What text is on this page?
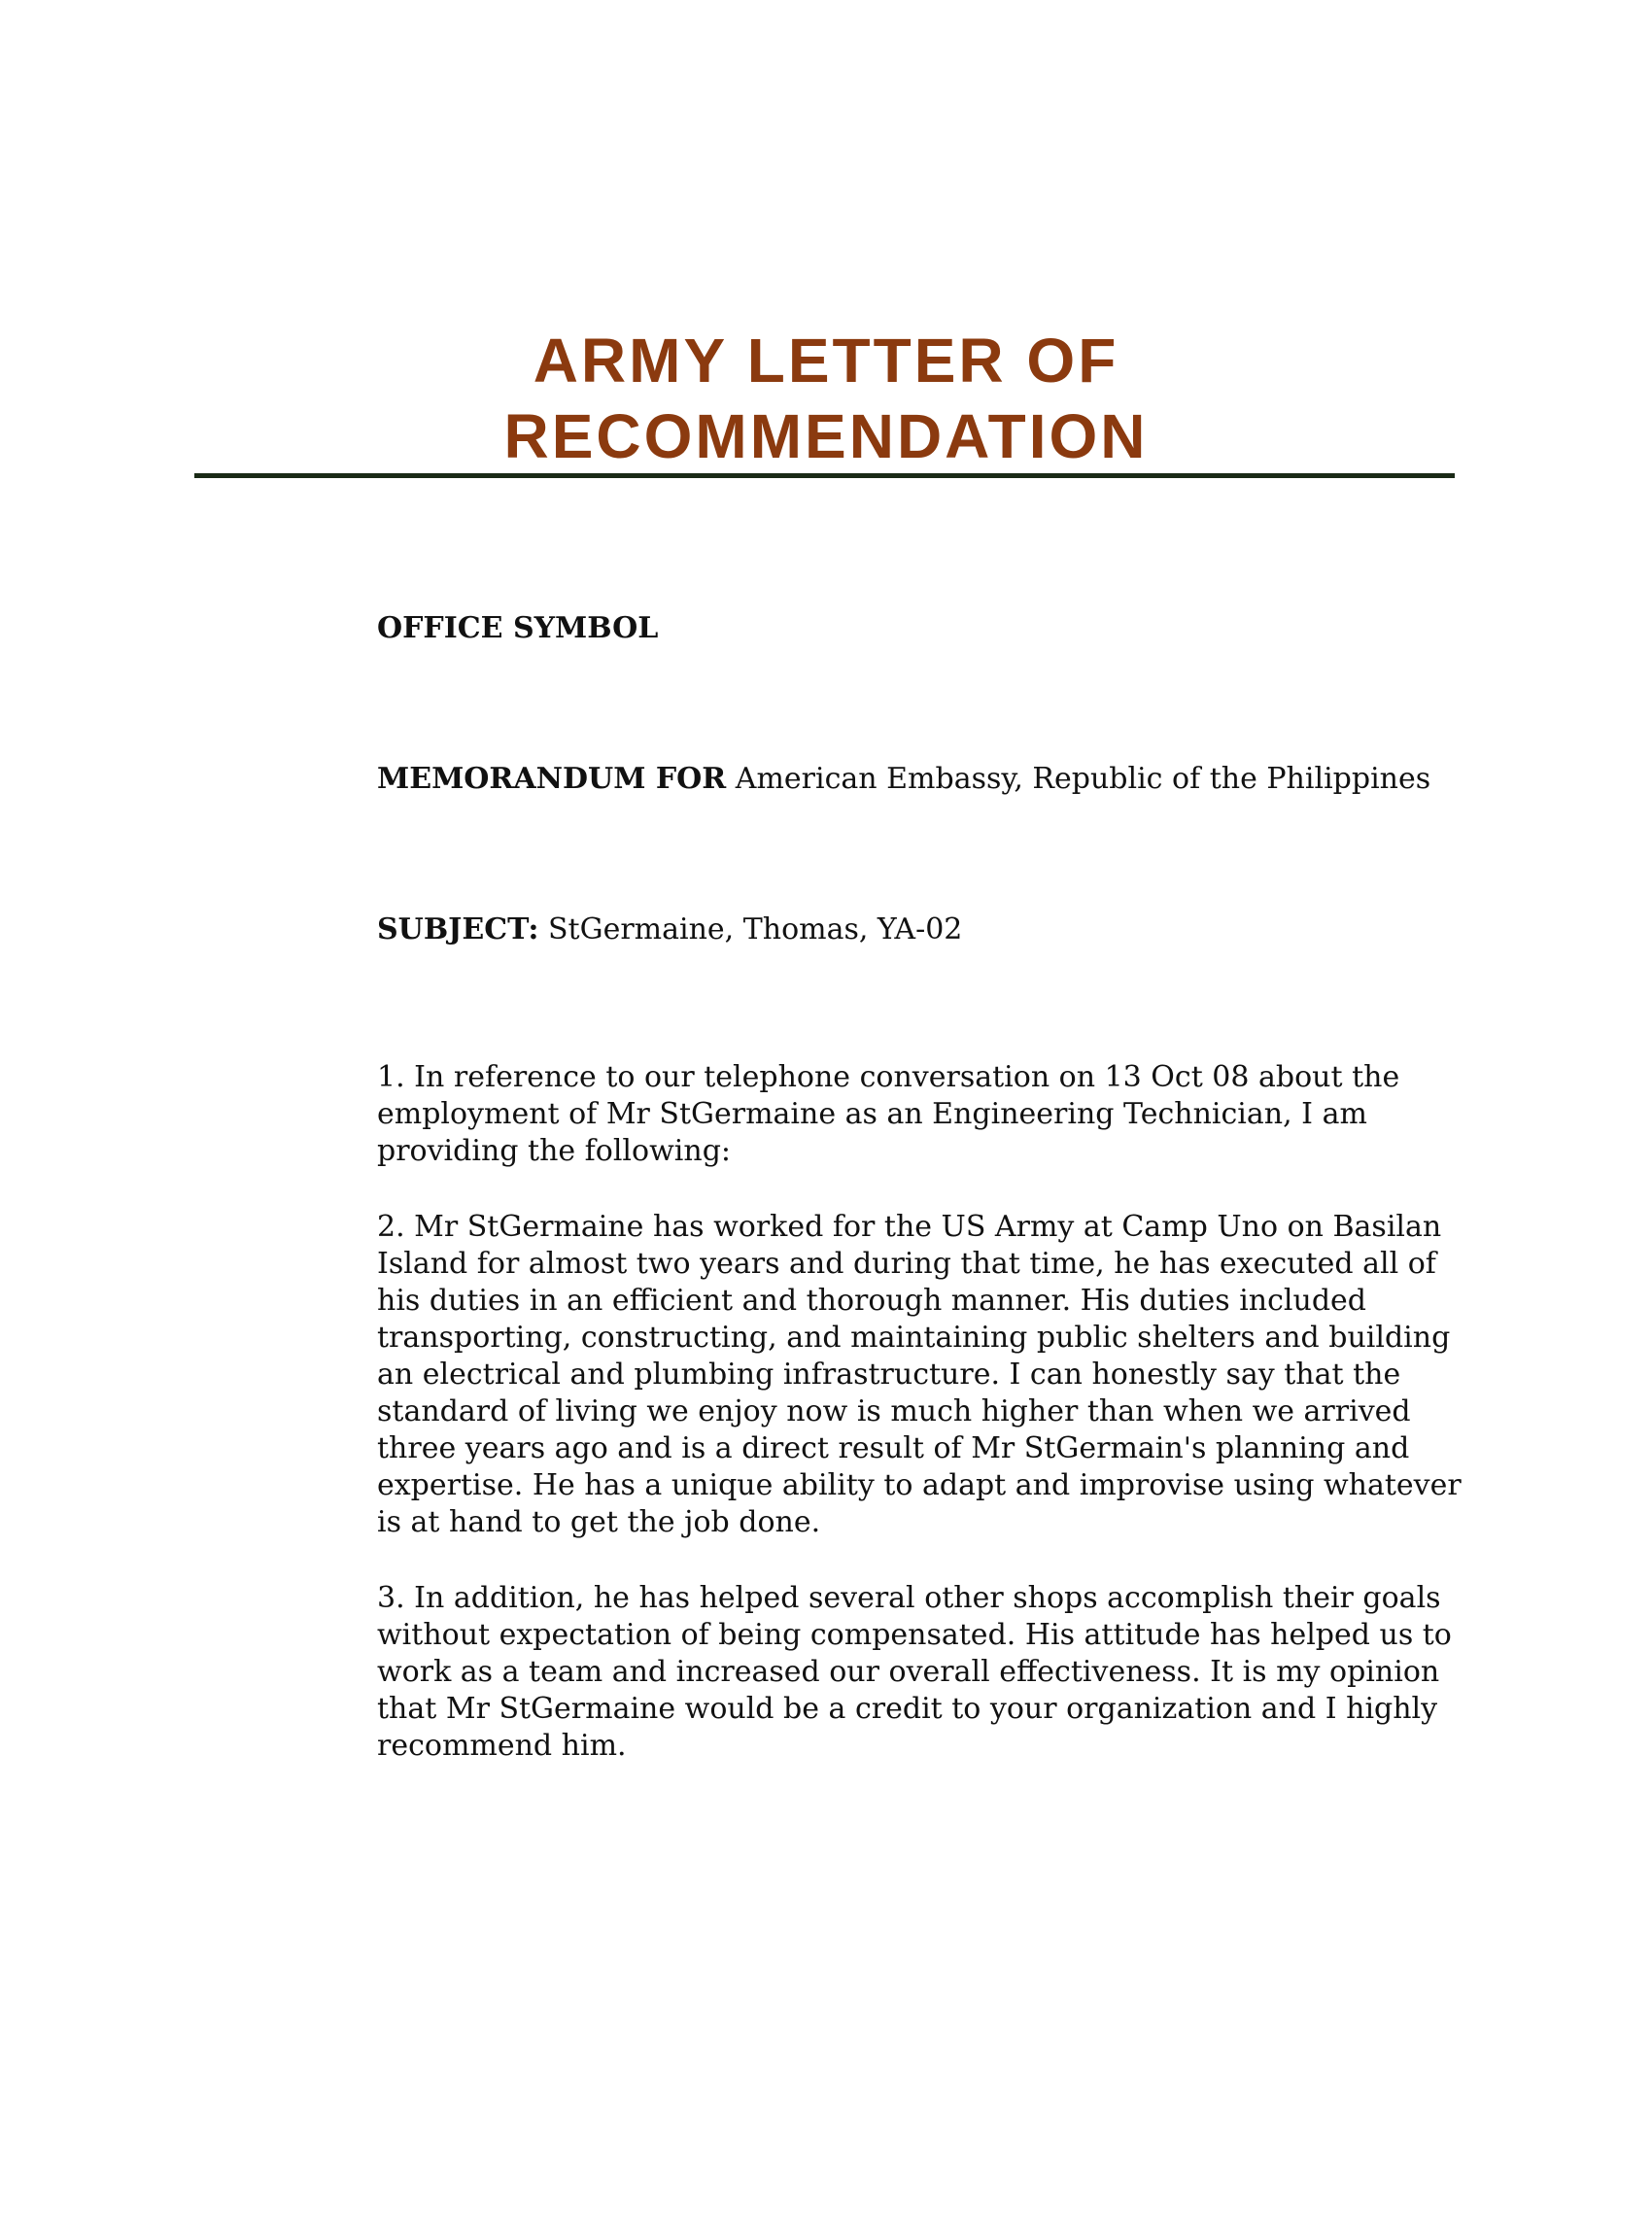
ARMY LETTER OF
RECOMMENDATION
OFFICE SYMBOL
MEMORANDUM FOR American Embassy, Republic of the Philippines
SUBJECT: StGermaine, Thomas, YA-02

1. In reference to our telephone conversation on 13 Oct 08 about the employment of Mr StGermaine as an Engineering Technician, I am providing the following:

2. Mr StGermaine has worked for the US Army at Camp Uno on Basilan Island for almost two years and during that time, he has executed all of his duties in an efficient and thorough manner. His duties included transporting, constructing, and maintaining public shelters and building an electrical and plumbing infrastructure. I can honestly say that the standard of living we enjoy now is much higher than when we arrived three years ago and is a direct result of Mr StGermain's planning and expertise. He has a unique ability to adapt and improvise using whatever is at hand to get the job done.

3. In addition, he has helped several other shops accomplish their goals without expectation of being compensated. His attitude has helped us to work as a team and increased our overall effectiveness. It is my opinion that Mr StGermaine would be a credit to your organization and I highly recommend him.
